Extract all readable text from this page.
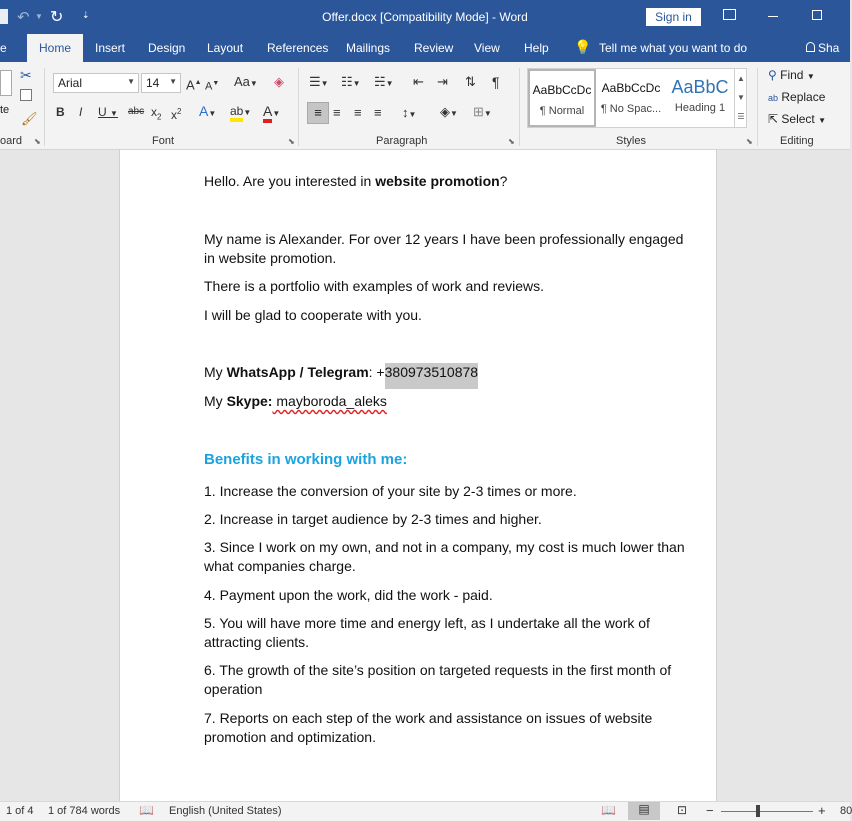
↶ ▼ ↻ ⇣	Offer.docx [Compatibility Mode] - Word	Sign in
e	Home	Insert Design Layout References Mailings Review View Help 💡 Tell me what you want to do	Sha
te
✂
🖌
oard ⬊
Arial	▼ 14 ▼ A▲ A▼ Aa▼ ◈
B I U ▼ abc $x_2$ $x^2$ A▼ ab▼ A▼
Font	⬊
☰▼ ☷▼ ☵▼ ⇤ ⇥ ⇅ ¶
≡ ≡ ≡ ≡ ↕▼ ◈▼ ⊞▼
Paragraph	⬊
AaBbCcDc
¶ Normal
AaBbCcDc
¶ No Spac...
AaBbC
Heading 1
▲
▼
☰
Styles	⬊
⚲ Find ▼
ab Replace
⇱ Select ▼
Editing
Hello. Are you interested in website promotion?
My name is Alexander. For over 12 years I have been professionally engaged in website promotion.
There is a portfolio with examples of work and reviews.
I will be glad to cooperate with you.
My WhatsApp / Telegram: +380973510878
My Skype: mayboroda_aleks
Benefits in working with me:
1. Increase the conversion of your site by 2-3 times or more.
2. Increase in target audience by 2-3 times and higher.
3. Since I work on my own, and not in a company, my cost is much lower than what companies charge.
4. Payment upon the work, did the work - paid.
5. You will have more time and energy left, as I undertake all the work of attracting clients.
6. The growth of the site’s position on targeted requests in the first month of operation
7. Reports on each step of the work and assistance on issues of website promotion and optimization.
1 of 4 1 of 784 words 📖 English (United States)	📖	▤	⊡ −	+ 80
